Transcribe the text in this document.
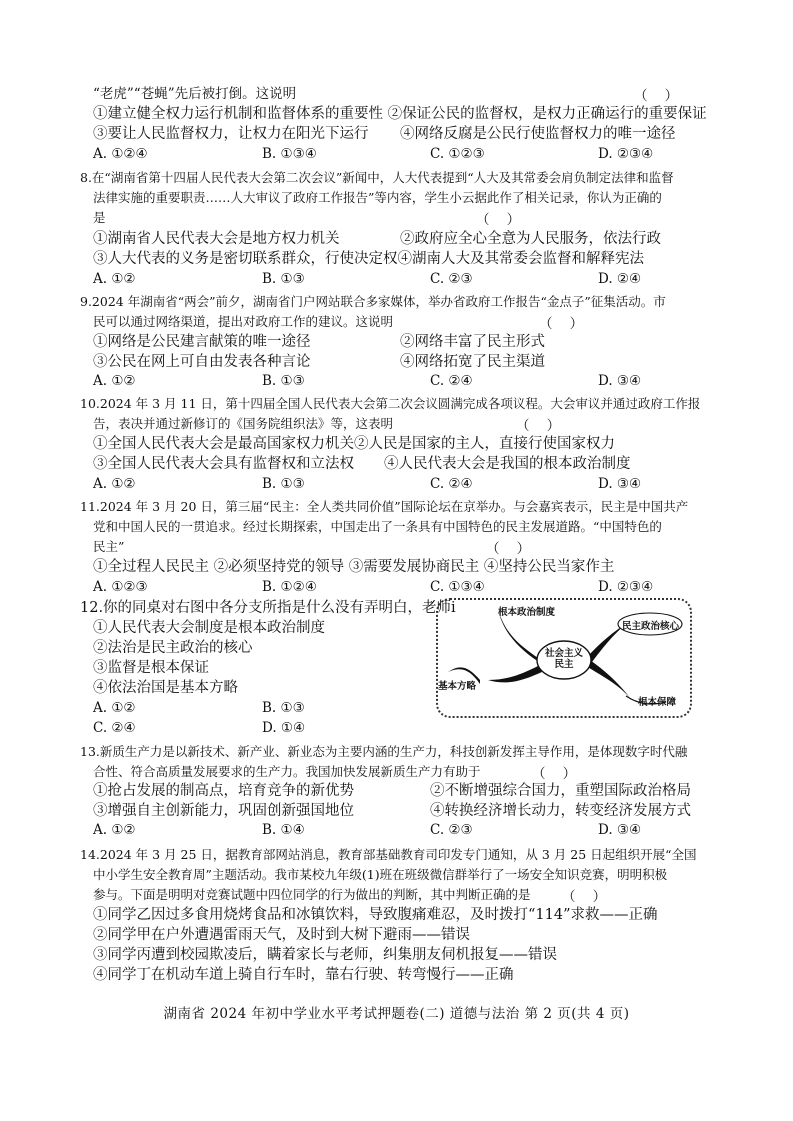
“老虎”“苍蝇”先后被打倒。这说明	（    ）
①建立健全权力运行机制和监督体系的重要性 ②保证公民的监督权，是权力正确运行的重要保证
③要让人民监督权力，让权力在阳光下运行 ④网络反腐是公民行使监督权力的唯一途径
A. ①②④	B. ①③④	C. ①②③	D. ②③④
8.在“湖南省第十四届人民代表大会第二次会议”新闻中，人大代表提到“人大及其常委会肩负制定法律和监督
法律实施的重要职责……人大审议了政府工作报告”等内容，学生小云据此作了相关记录，你认为正确的
是	（    ）
①湖南省人民代表大会是地方权力机关	②政府应全心全意为人民服务，依法行政
③人大代表的义务是密切联系群众，行使决定权④湖南人大及其常委会监督和解释宪法
A. ①②	B. ①③	C. ②③	D. ②④
9.2024 年湖南省“两会”前夕，湖南省门户网站联合多家媒体，举办省政府工作报告“金点子”征集活动。市
民可以通过网络渠道，提出对政府工作的建议。这说明	（    ）
①网络是公民建言献策的唯一途径	②网络丰富了民主形式
③公民在网上可自由发表各种言论	④网络拓宽了民主渠道
A. ①②	B. ①③	C. ②④	D. ③④
10.2024 年 3 月 11 日，第十四届全国人民代表大会第二次会议圆满完成各项议程。大会审议并通过政府工作报
告，表决并通过新修订的《国务院组织法》等，这表明	（    ）
①全国人民代表大会是最高国家权力机关②人民是国家的主人，直接行使国家权力
③全国人民代表大会具有监督权和立法权 ④人民代表大会是我国的根本政治制度
A. ①②	B. ①③	C. ②④	D. ③④
11.2024 年 3 月 20 日，第三届“民主：全人类共同价值”国际论坛在京举办。与会嘉宾表示，民主是中国共产
党和中国人民的一贯追求。经过长期探索，中国走出了一条具有中国特色的民主发展道路。“中国特色的
民主”	（    ）
①全过程人民民主 ②必须坚持党的领导 ③需要发展协商民主 ④坚持公民当家作主
A. ①②③	B. ①②④	C. ①③④	D. ②③④
12.你的同桌对右图中各分支所指是什么没有弄明白，老师i
①人民代表大会制度是根本政治制度
②法治是民主政治的核心
③监督是根本保证
④依法治国是基本方略
A. ①②	B. ①③
C. ②④	D. ①④
社会主义
民主
根本政治制度
民主政治核心
基本方略
根本保障
13.新质生产力是以新技术、新产业、新业态为主要内涵的生产力，科技创新发挥主导作用，是体现数字时代融
合性、符合高质量发展要求的生产力。我国加快发展新质生产力有助于	（    ）
①抢占发展的制高点，培育竞争的新优势	②不断增强综合国力，重塑国际政治格局
③增强自主创新能力，巩固创新强国地位	④转换经济增长动力，转变经济发展方式
A. ①②	B. ①④	C. ②③	D. ③④
14.2024 年 3 月 25 日，据教育部网站消息，教育部基础教育司印发专门通知，从 3 月 25 日起组织开展“全国
中小学生安全教育周”主题活动。我市某校九年级(1)班在班级微信群举行了一场安全知识竞赛，明明积极
参与。下面是明明对竞赛试题中四位同学的行为做出的判断，其中判断正确的是 （    ）
①同学乙因过多食用烧烤食品和冰镇饮料，导致腹痛难忍，及时拨打“114”求救——正确
②同学甲在户外遭遇雷雨天气，及时到大树下避雨——错误
③同学丙遭到校园欺凌后，瞒着家长与老师，纠集朋友伺机报复——错误
④同学丁在机动车道上骑自行车时，靠右行驶、转弯慢行——正确
湖南省 2024 年初中学业水平考试押题卷(二) 道德与法治 第 2 页(共 4 页)
